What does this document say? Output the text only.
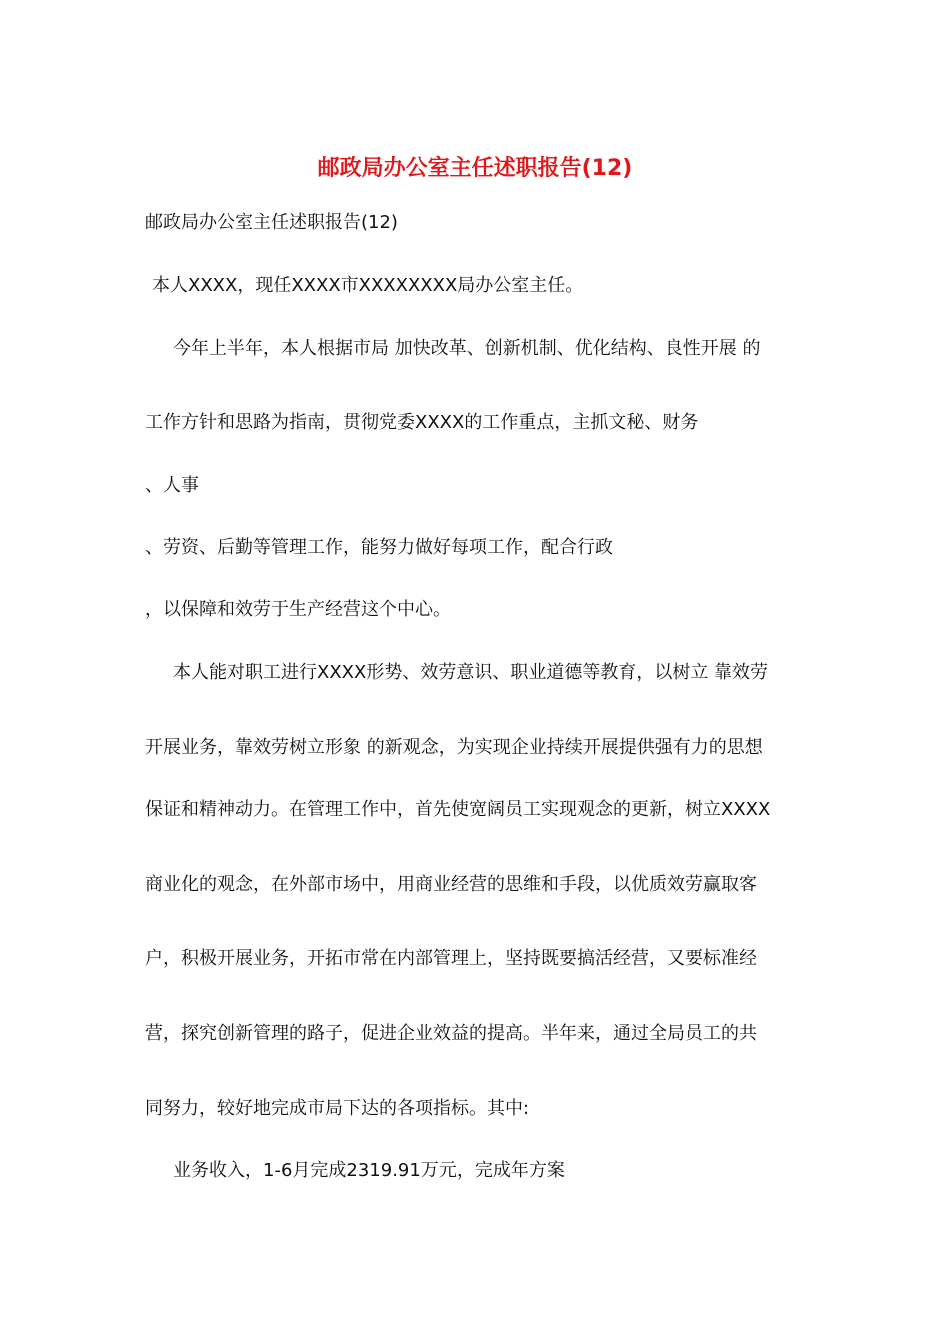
邮政局办公室主任述职报告(12)
邮政局办公室主任述职报告(12)
本人XXXX，现任XXXX市XXXXXXXX局办公室主任。
今年上半年，本人根据市局 加快改革、创新机制、优化结构、良性开展 的
工作方针和思路为指南，贯彻党委XXXX的工作重点，主抓文秘、财务
、人事
、劳资、后勤等管理工作，能努力做好每项工作，配合行政
，以保障和效劳于生产经营这个中心。
本人能对职工进行XXXX形势、效劳意识、职业道德等教育，以树立 靠效劳
开展业务，靠效劳树立形象 的新观念，为实现企业持续开展提供强有力的思想
保证和精神动力。在管理工作中，首先使宽阔员工实现观念的更新，树立XXXX
商业化的观念，在外部市场中，用商业经营的思维和手段，以优质效劳赢取客
户，积极开展业务，开拓市常在内部管理上，坚持既要搞活经营，又要标准经
营，探究创新管理的路子，促进企业效益的提高。半年来，通过全局员工的共
同努力，较好地完成市局下达的各项指标。其中:
业务收入，1-6月完成2319.91万元，完成年方案
